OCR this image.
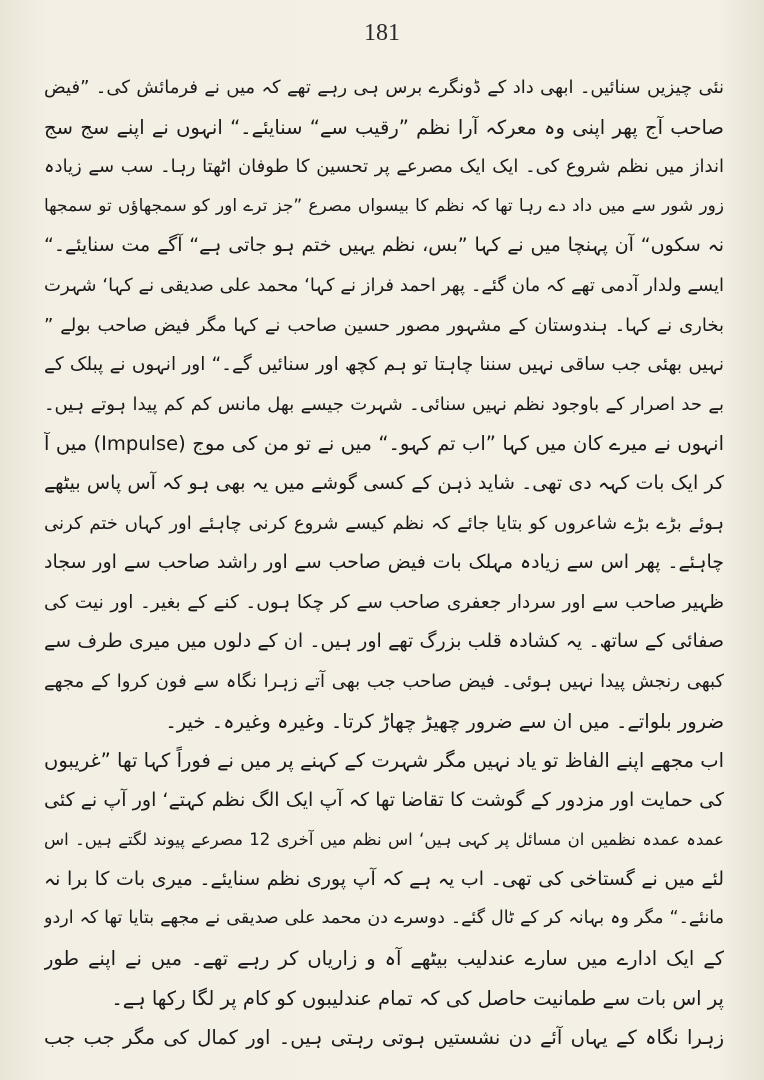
181
نئی چیزیں سنائیں۔ ابھی داد کے ڈونگرے برس ہی رہے تھے کہ میں نے فرمائش کی۔ ”فیض
صاحب آج پھر اپنی وہ معرکہ آرا نظم ”رقیب سے“ سنایئے۔“ انہوں نے اپنے سج سج
انداز میں نظم شروع کی۔ ایک ایک مصرعے پر تحسین کا طوفان اٹھتا رہا۔ سب سے زیادہ
زور شور سے میں داد دے رہا تھا کہ نظم کا بیسواں مصرع ”جز ترے اور کو سمجھاؤں تو سمجھا
نہ سکوں“ آن پہنچا میں نے کہا ”بس، نظم یہیں ختم ہو جاتی ہے“ آگے مت سنایئے۔“
ایسے ولدار آدمی تھے کہ مان گئے۔ پھر احمد فراز نے کہا‘ محمد علی صدیقی نے کہا‘ شہرت
بخاری نے کہا۔ ہندوستان کے مشہور مصور حسین صاحب نے کہا مگر فیض صاحب بولے ”
نہیں بھئی جب ساقی نہیں سننا چاہتا تو ہم کچھ اور سنائیں گے۔“ اور انہوں نے پبلک کے
بے حد اصرار کے باوجود نظم نہیں سنائی۔ شہرت جیسے بھل مانس کم کم پیدا ہوتے ہیں۔
انہوں نے میرے کان میں کہا ”اب تم کہو۔“ میں نے تو من کی موج (Impulse) میں آ
کر ایک بات کہہ دی تھی۔ شاید ذہن کے کسی گوشے میں یہ بھی ہو کہ آس پاس بیٹھے
ہوئے بڑے بڑے شاعروں کو بتایا جائے کہ نظم کیسے شروع کرنی چاہئے اور کہاں ختم کرنی
چاہئے۔ پھر اس سے زیادہ مہلک بات فیض صاحب سے اور راشد صاحب سے اور سجاد
ظہیر صاحب سے اور سردار جعفری صاحب سے کر چکا ہوں۔ کنے کے بغیر۔ اور نیت کی
صفائی کے ساتھ۔ یہ کشادہ قلب بزرگ تھے اور ہیں۔ ان کے دلوں میں میری طرف سے
کبھی رنجش پیدا نہیں ہوئی۔ فیض صاحب جب بھی آتے زہرا نگاہ سے فون کروا کے مجھے
ضرور بلواتے۔ میں ان سے ضرور چھیڑ چھاڑ کرتا۔ وغیرہ وغیرہ۔ خیر۔
اب مجھے اپنے الفاظ تو یاد نہیں مگر شہرت کے کہنے پر میں نے فوراً کہا تھا ”غریبوں
کی حمایت اور مزدور کے گوشت کا تقاضا تھا کہ آپ ایک الگ نظم کہتے‘ اور آپ نے کئی
عمدہ عمدہ نظمیں ان مسائل پر کہی ہیں‘ اس نظم میں آخری 12 مصرعے پیوند لگتے ہیں۔ اس
لئے میں نے گستاخی کی تھی۔ اب یہ ہے کہ آپ پوری نظم سنایئے۔ میری بات کا برا نہ
مانئے۔“ مگر وہ بہانہ کر کے ٹال گئے۔ دوسرے دن محمد علی صدیقی نے مجھے بتایا تھا کہ اردو
کے ایک ادارے میں سارے عندلیب بیٹھے آہ و زاریاں کر رہے تھے۔ میں نے اپنے طور
پر اس بات سے طمانیت حاصل کی کہ تمام عندلیبوں کو کام پر لگا رکھا ہے۔
زہرا نگاہ کے یہاں آئے دن نشستیں ہوتی رہتی ہیں۔ اور کمال کی مگر جب جب
